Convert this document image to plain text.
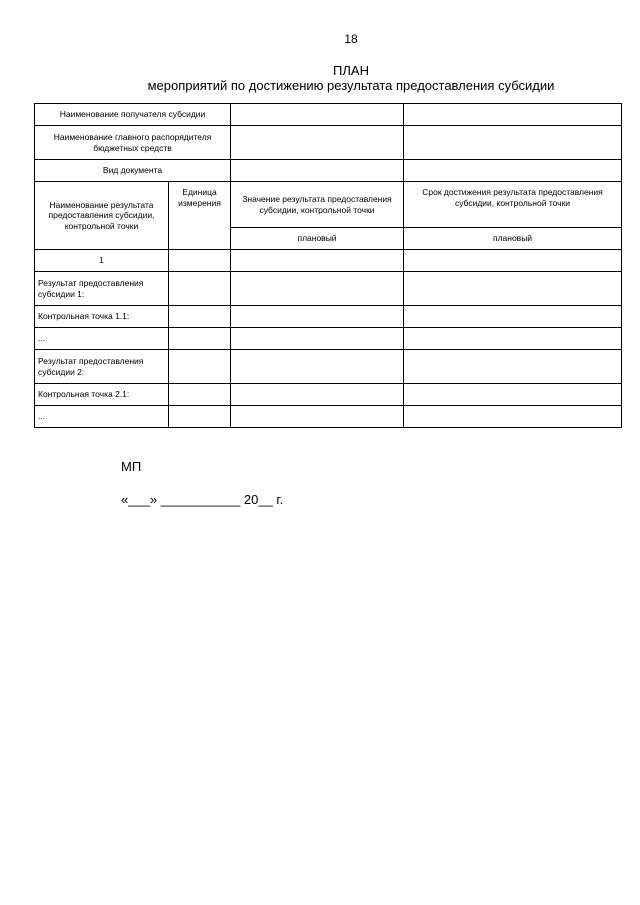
18
ПЛАН
мероприятий по достижению результата предоставления субсидии
Наименование получателя субсидии			
Наименование главного распорядителя бюджетных средств			
Вид документа			
Наименование результата предоставления субсидии, контрольной точки	Единица измерения	Значение результата предоставления субсидии, контрольной точки	Срок достижения результата предоставления субсидии, контрольной точки
		плановый	плановый
1			
Результат предоставления субсидии 1:			
Контрольная точка 1.1:			
...			
Результат предоставления субсидии 2:			
Контрольная точка 2.1:			
...			
МП
«___» ___________ 20__ г.
